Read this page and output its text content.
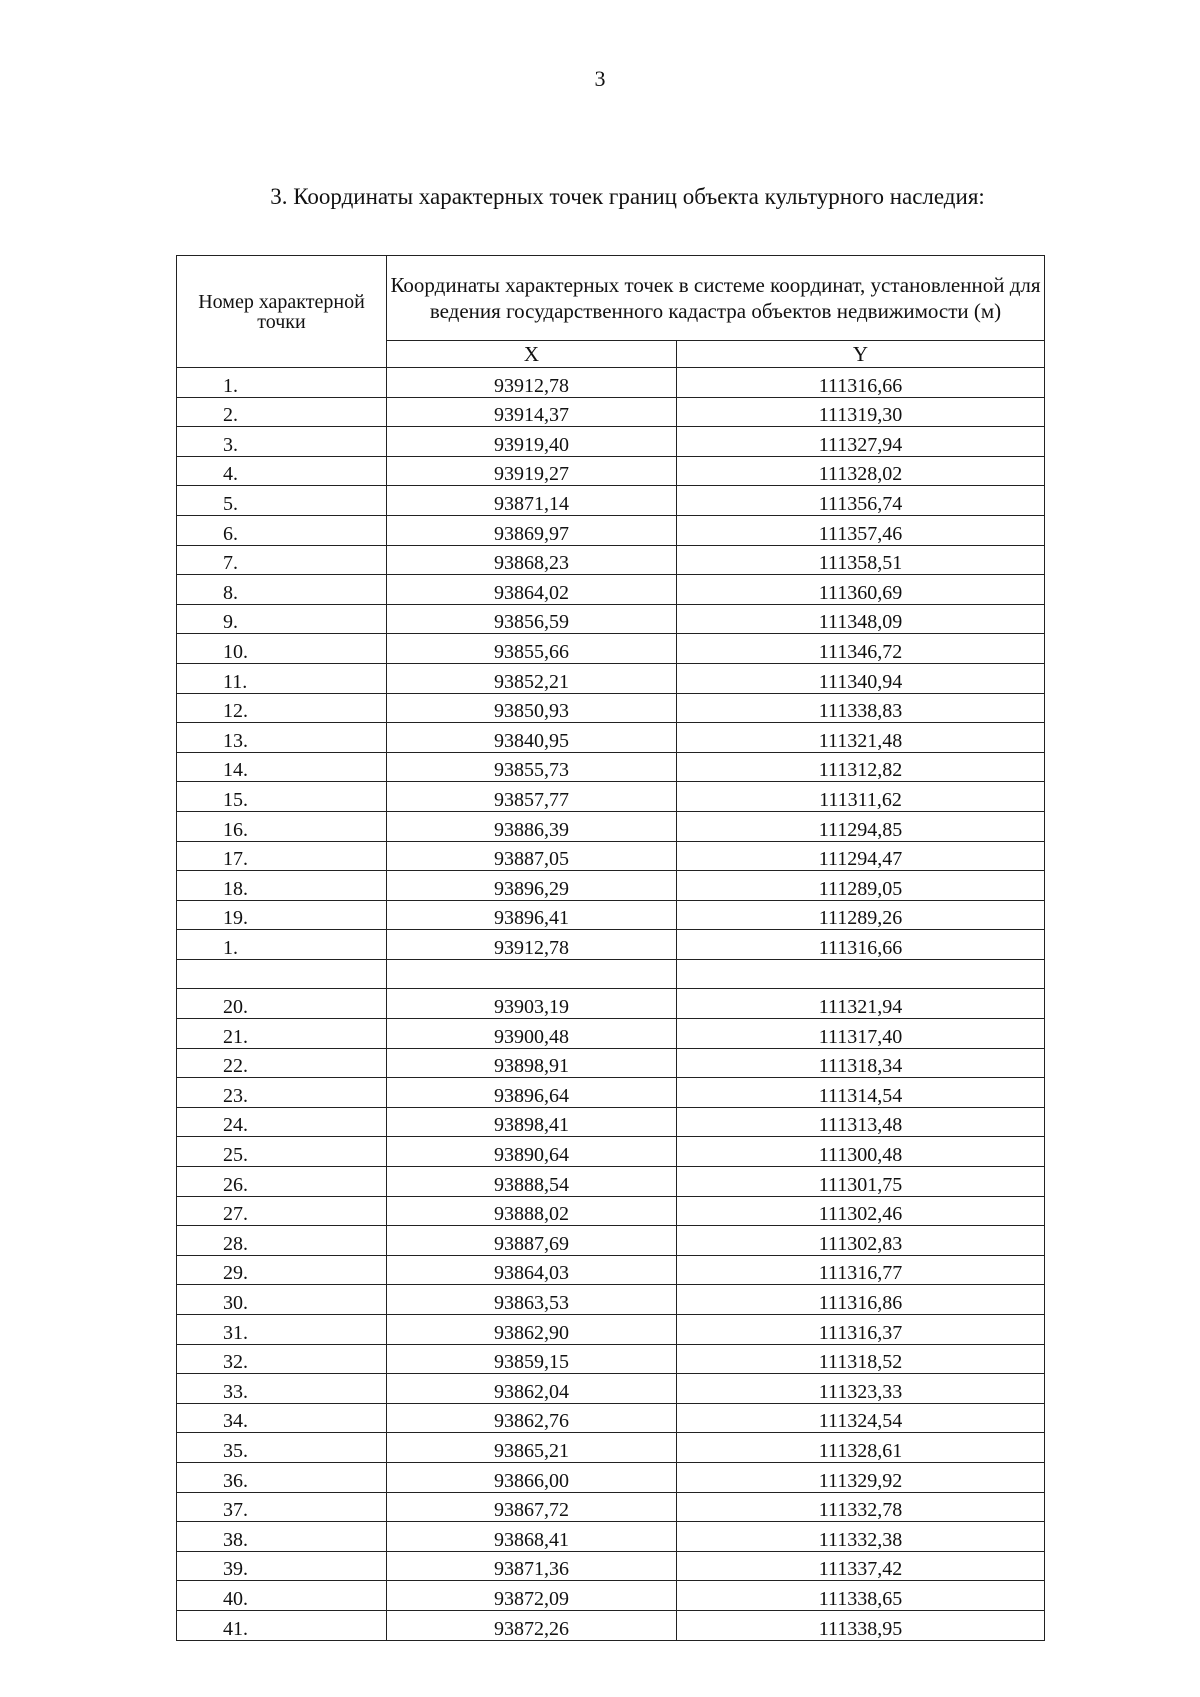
3
3. Координаты характерных точек границ объекта культурного наследия:
Номер характерной точки	Координаты характерных точек в системе координат, установленной для ведения государственного кадастра объектов недвижимости (м)	
	X	Y
1.	93912,78	111316,66
2.	93914,37	111319,30
3.	93919,40	111327,94
4.	93919,27	111328,02
5.	93871,14	111356,74
6.	93869,97	111357,46
7.	93868,23	111358,51
8.	93864,02	111360,69
9.	93856,59	111348,09
10.	93855,66	111346,72
11.	93852,21	111340,94
12.	93850,93	111338,83
13.	93840,95	111321,48
14.	93855,73	111312,82
15.	93857,77	111311,62
16.	93886,39	111294,85
17.	93887,05	111294,47
18.	93896,29	111289,05
19.	93896,41	111289,26
1.	93912,78	111316,66

20.	93903,19	111321,94
21.	93900,48	111317,40
22.	93898,91	111318,34
23.	93896,64	111314,54
24.	93898,41	111313,48
25.	93890,64	111300,48
26.	93888,54	111301,75
27.	93888,02	111302,46
28.	93887,69	111302,83
29.	93864,03	111316,77
30.	93863,53	111316,86
31.	93862,90	111316,37
32.	93859,15	111318,52
33.	93862,04	111323,33
34.	93862,76	111324,54
35.	93865,21	111328,61
36.	93866,00	111329,92
37.	93867,72	111332,78
38.	93868,41	111332,38
39.	93871,36	111337,42
40.	93872,09	111338,65
41.	93872,26	111338,95
